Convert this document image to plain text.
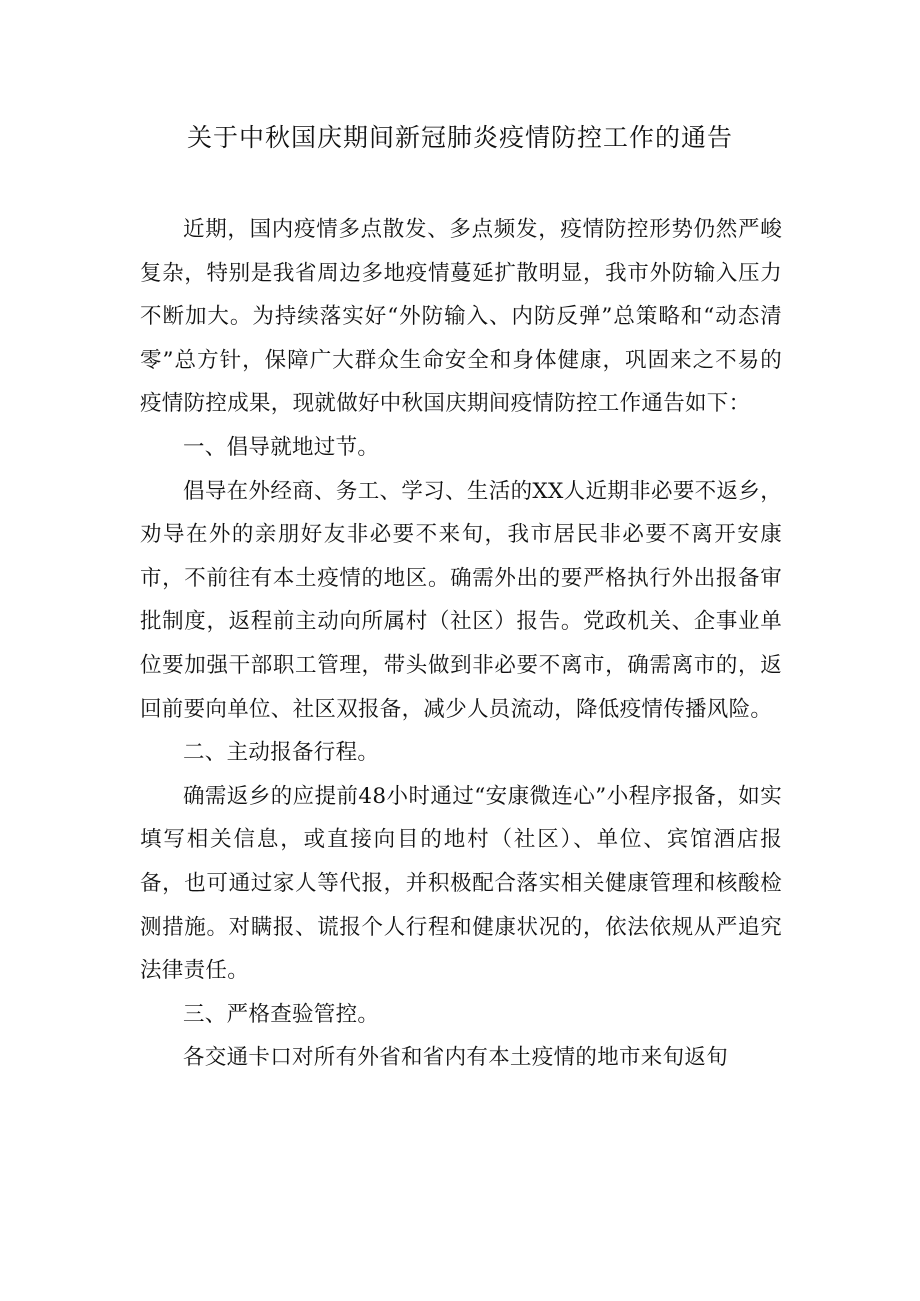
关于中秋国庆期间新冠肺炎疫情防控工作的通告

近期，国内疫情多点散发、多点频发，疫情防控形势仍然严峻复杂，特别是我省周边多地疫情蔓延扩散明显，我市外防输入压力不断加大。为持续落实好“外防输入、内防反弹”总策略和“动态清零”总方针，保障广大群众生命安全和身体健康，巩固来之不易的疫情防控成果，现就做好中秋国庆期间疫情防控工作通告如下：

一、倡导就地过节。

倡导在外经商、务工、学习、生活的XX人近期非必要不返乡，劝导在外的亲朋好友非必要不来旬，我市居民非必要不离开安康市，不前往有本土疫情的地区。确需外出的要严格执行外出报备审批制度，返程前主动向所属村（社区）报告。党政机关、企事业单位要加强干部职工管理，带头做到非必要不离市，确需离市的，返回前要向单位、社区双报备，减少人员流动，降低疫情传播风险。

二、主动报备行程。

确需返乡的应提前48小时通过“安康微连心”小程序报备，如实填写相关信息，或直接向目的地村（社区）、单位、宾馆酒店报备，也可通过家人等代报，并积极配合落实相关健康管理和核酸检测措施。对瞒报、谎报个人行程和健康状况的，依法依规从严追究法律责任。

三、严格查验管控。

各交通卡口对所有外省和省内有本土疫情的地市来旬返旬
